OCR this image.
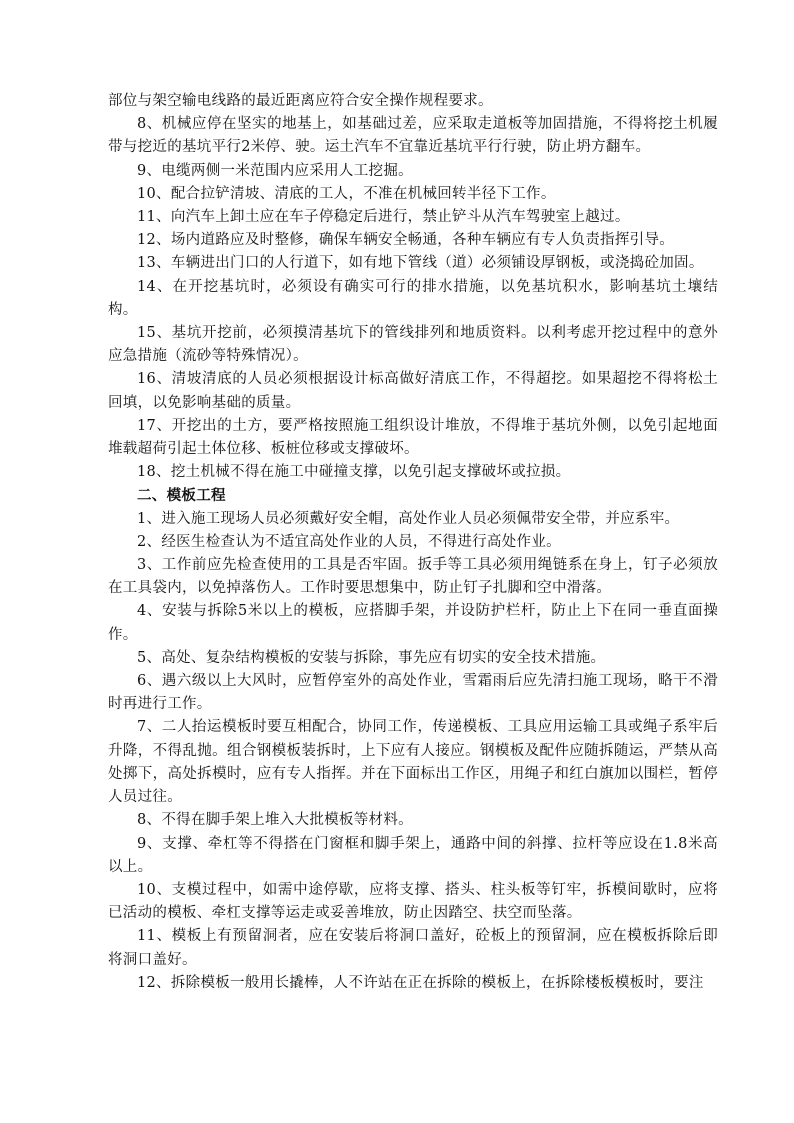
部位与架空输电线路的最近距离应符合安全操作规程要求。

8、机械应停在坚实的地基上，如基础过差，应采取走道板等加固措施，不得将挖土机履带与挖近的基坑平行2米停、驶。运土汽车不宜靠近基坑平行行驶，防止坍方翻车。

9、电缆两侧一米范围内应采用人工挖掘。

10、配合拉铲清坡、清底的工人，不准在机械回转半径下工作。

11、向汽车上卸土应在车子停稳定后进行，禁止铲斗从汽车驾驶室上越过。

12、场内道路应及时整修，确保车辆安全畅通，各种车辆应有专人负责指挥引导。

13、车辆进出门口的人行道下，如有地下管线（道）必须铺设厚钢板，或浇捣砼加固。

14、在开挖基坑时，必须设有确实可行的排水措施，以免基坑积水，影响基坑土壤结构。

15、基坑开挖前，必须摸清基坑下的管线排列和地质资料。以利考虑开挖过程中的意外应急措施（流砂等特殊情况）。

16、清坡清底的人员必须根据设计标高做好清底工作，不得超挖。如果超挖不得将松土回填，以免影响基础的质量。

17、开挖出的土方，要严格按照施工组织设计堆放，不得堆于基坑外侧，以免引起地面堆载超荷引起土体位移、板桩位移或支撑破坏。

18、挖土机械不得在施工中碰撞支撑，以免引起支撑破坏或拉损。

二、模板工程

1、进入施工现场人员必须戴好安全帽，高处作业人员必须佩带安全带，并应系牢。

2、经医生检查认为不适宜高处作业的人员，不得进行高处作业。

3、工作前应先检查使用的工具是否牢固。扳手等工具必须用绳链系在身上，钉子必须放在工具袋内，以免掉落伤人。工作时要思想集中，防止钉子扎脚和空中滑落。

4、安装与拆除5米以上的模板，应搭脚手架，并设防护栏杆，防止上下在同一垂直面操作。

5、高处、复杂结构模板的安装与拆除，事先应有切实的安全技术措施。

6、遇六级以上大风时，应暂停室外的高处作业，雪霜雨后应先清扫施工现场，略干不滑时再进行工作。

7、二人抬运模板时要互相配合，协同工作，传递模板、工具应用运输工具或绳子系牢后升降，不得乱抛。组合钢模板装拆时，上下应有人接应。钢模板及配件应随拆随运，严禁从高处掷下，高处拆模时，应有专人指挥。并在下面标出工作区，用绳子和红白旗加以围栏，暂停人员过往。

8、不得在脚手架上堆入大批模板等材料。

9、支撑、牵杠等不得搭在门窗框和脚手架上，通路中间的斜撑、拉杆等应设在1.8米高以上。

10、支模过程中，如需中途停歇，应将支撑、搭头、柱头板等钉牢，拆模间歇时，应将已活动的模板、牵杠支撑等运走或妥善堆放，防止因踏空、扶空而坠落。

11、模板上有预留洞者，应在安装后将洞口盖好，砼板上的预留洞，应在模板拆除后即将洞口盖好。

12、拆除模板一般用长撬棒，人不许站在正在拆除的模板上，在拆除楼板模板时，要注
